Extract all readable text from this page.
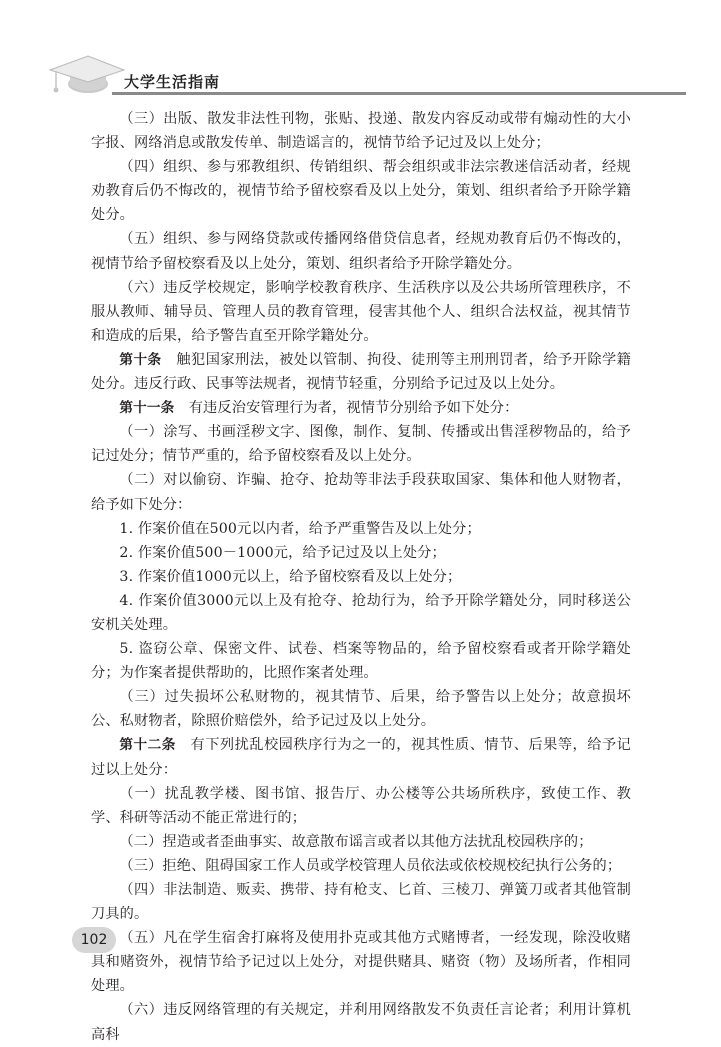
大学生活指南

（三）出版、散发非法性刊物，张贴、投递、散发内容反动或带有煽动性的大小字报、网络消息或散发传单、制造谣言的，视情节给予记过及以上处分；

（四）组织、参与邪教组织、传销组织、帮会组织或非法宗教迷信活动者，经规劝教育后仍不悔改的，视情节给予留校察看及以上处分，策划、组织者给予开除学籍处分。

（五）组织、参与网络贷款或传播网络借贷信息者，经规劝教育后仍不悔改的，视情节给予留校察看及以上处分，策划、组织者给予开除学籍处分。

（六）违反学校规定，影响学校教育秩序、生活秩序以及公共场所管理秩序，不服从教师、辅导员、管理人员的教育管理，侵害其他个人、组织合法权益，视其情节和造成的后果，给予警告直至开除学籍处分。

第十条  触犯国家刑法，被处以管制、拘役、徒刑等主刑刑罚者，给予开除学籍处分。违反行政、民事等法规者，视情节轻重，分别给予记过及以上处分。

第十一条  有违反治安管理行为者，视情节分别给予如下处分：

（一）涂写、书画淫秽文字、图像，制作、复制、传播或出售淫秽物品的，给予记过处分；情节严重的，给予留校察看及以上处分。

（二）对以偷窃、诈骗、抢夺、抢劫等非法手段获取国家、集体和他人财物者，给予如下处分：

1. 作案价值在500元以内者，给予严重警告及以上处分；

2. 作案价值500－1000元，给予记过及以上处分；

3. 作案价值1000元以上，给予留校察看及以上处分；

4. 作案价值3000元以上及有抢夺、抢劫行为，给予开除学籍处分，同时移送公安机关处理。

5. 盗窃公章、保密文件、试卷、档案等物品的，给予留校察看或者开除学籍处分；为作案者提供帮助的，比照作案者处理。

（三）过失损坏公私财物的，视其情节、后果，给予警告以上处分；故意损坏公、私财物者，除照价赔偿外，给予记过及以上处分。

第十二条  有下列扰乱校园秩序行为之一的，视其性质、情节、后果等，给予记过以上处分：

（一）扰乱教学楼、图书馆、报告厅、办公楼等公共场所秩序，致使工作、教学、科研等活动不能正常进行的；

（二）捏造或者歪曲事实、故意散布谣言或者以其他方法扰乱校园秩序的；

（三）拒绝、阻碍国家工作人员或学校管理人员依法或依校规校纪执行公务的；

（四）非法制造、贩卖、携带、持有枪支、匕首、三棱刀、弹簧刀或者其他管制刀具的。

（五）凡在学生宿舍打麻将及使用扑克或其他方式赌博者，一经发现，除没收赌具和赌资外，视情节给予记过以上处分，对提供赌具、赌资（物）及场所者，作相同处理。

（六）违反网络管理的有关规定，并利用网络散发不负责任言论者；利用计算机高科

102
